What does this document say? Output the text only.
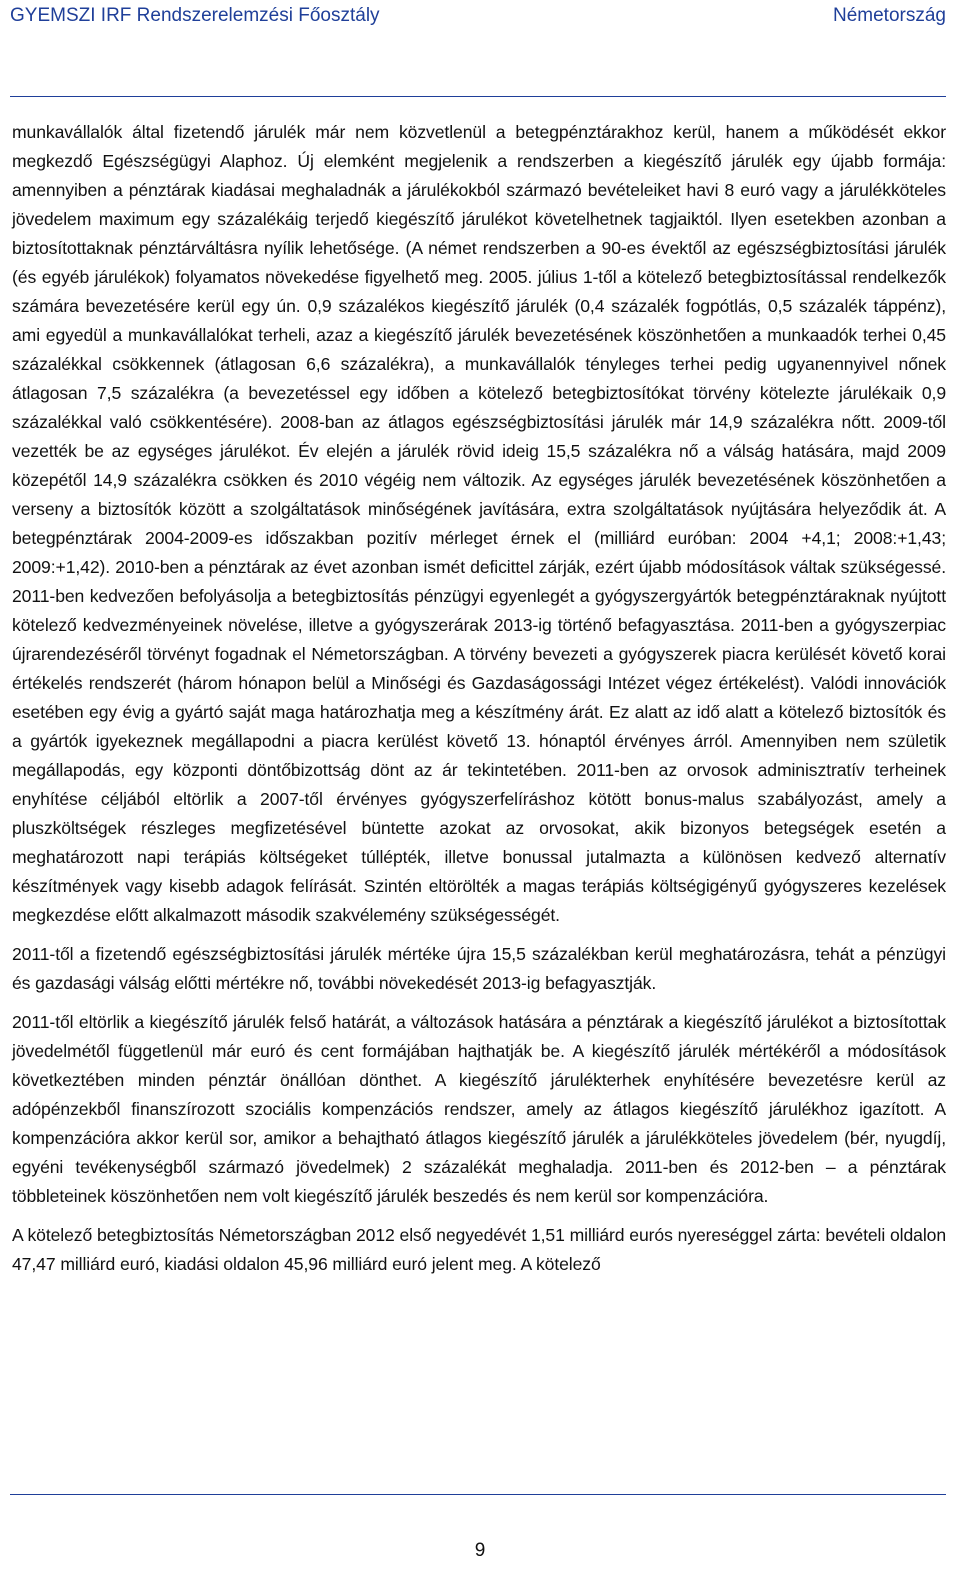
GYEMSZI IRF Rendszerelemzési Főosztály	Németország

munkavállalók által fizetendő járulék már nem közvetlenül a betegpénztárakhoz kerül, hanem a működését ekkor megkezdő Egészségügyi Alaphoz. Új elemként megjelenik a rendszerben a kiegészítő járulék egy újabb formája: amennyiben a pénztárak kiadásai meghaladnák a járulékokból származó bevételeiket havi 8 euró vagy a járulékköteles jövedelem maximum egy százalékáig terjedő kiegészítő járulékot követelhetnek tagjaiktól. Ilyen esetekben azonban a biztosítottaknak pénztárváltásra nyílik lehetősége. (A német rendszerben a 90-es évektől az egészségbiztosítási járulék (és egyéb járulékok) folyamatos növekedése figyelhető meg. 2005. július 1-től a kötelező betegbiztosítással rendelkezők számára bevezetésére kerül egy ún. 0,9 százalékos kiegészítő járulék (0,4 százalék fogpótlás, 0,5 százalék táppénz), ami egyedül a munkavállalókat terheli, azaz a kiegészítő járulék bevezetésének köszönhetően a munkaadók terhei 0,45 százalékkal csökkennek (átlagosan 6,6 százalékra), a munkavállalók tényleges terhei pedig ugyanennyivel nőnek átlagosan 7,5 százalékra (a bevezetéssel egy időben a kötelező betegbiztosítókat törvény kötelezte járulékaik 0,9 százalékkal való csökkentésére). 2008-ban az átlagos egészségbiztosítási járulék már 14,9 százalékra nőtt. 2009-től vezették be az egységes járulékot. Év elején a járulék rövid ideig 15,5 százalékra nő a válság hatására, majd 2009 közepétől 14,9 százalékra csökken és 2010 végéig nem változik. Az egységes járulék bevezetésének köszönhetően a verseny a biztosítók között a szolgáltatások minőségének javítására, extra szolgáltatások nyújtására helyeződik át. A betegpénztárak 2004-2009-es időszakban pozitív mérleget érnek el (milliárd euróban: 2004 +4,1; 2008:+1,43; 2009:+1,42). 2010-ben a pénztárak az évet azonban ismét deficittel zárják, ezért újabb módosítások váltak szükségessé. 2011-ben kedvezően befolyásolja a betegbiztosítás pénzügyi egyenlegét a gyógyszergyártók betegpénztáraknak nyújtott kötelező kedvezményeinek növelése, illetve a gyógyszerárak 2013-ig történő befagyasztása. 2011-ben a gyógyszerpiac újrarendezéséről törvényt fogadnak el Németországban. A törvény bevezeti a gyógyszerek piacra kerülését követő korai értékelés rendszerét (három hónapon belül a Minőségi és Gazdaságossági Intézet végez értékelést). Valódi innovációk esetében egy évig a gyártó saját maga határozhatja meg a készítmény árát. Ez alatt az idő alatt a kötelező biztosítók és a gyártók igyekeznek megállapodni a piacra kerülést követő 13. hónaptól érvényes árról. Amennyiben nem születik megállapodás, egy központi döntőbizottság dönt az ár tekintetében. 2011-ben az orvosok adminisztratív terheinek enyhítése céljából eltörlik a 2007-től érvényes gyógyszerfelíráshoz kötött bonus-malus szabályozást, amely a pluszköltségek részleges megfizetésével büntette azokat az orvosokat, akik bizonyos betegségek esetén a meghatározott napi terápiás költségeket túllépték, illetve bonussal jutalmazta a különösen kedvező alternatív készítmények vagy kisebb adagok felírását. Szintén eltörölték a magas terápiás költségigényű gyógyszeres kezelések megkezdése előtt alkalmazott második szakvélemény szükségességét.

2011-től a fizetendő egészségbiztosítási járulék mértéke újra 15,5 százalékban kerül meghatározásra, tehát a pénzügyi és gazdasági válság előtti mértékre nő, további növekedését 2013-ig befagyasztják.

2011-től eltörlik a kiegészítő járulék felső határát, a változások hatására a pénztárak a kiegészítő járulékot a biztosítottak jövedelmétől függetlenül már euró és cent formájában hajthatják be. A kiegészítő járulék mértékéről a módosítások következtében minden pénztár önállóan dönthet. A kiegészítő járulékterhek enyhítésére bevezetésre kerül az adópénzekből finanszírozott szociális kompenzációs rendszer, amely az átlagos kiegészítő járulékhoz igazított. A kompenzációra akkor kerül sor, amikor a behajtható átlagos kiegészítő járulék a járulékköteles jövedelem (bér, nyugdíj, egyéni tevékenységből származó jövedelmek) 2 százalékát meghaladja. 2011-ben és 2012-ben – a pénztárak többleteinek köszönhetően nem volt kiegészítő járulék beszedés és nem kerül sor kompenzációra.

A kötelező betegbiztosítás Németországban 2012 első negyedévét 1,51 milliárd eurós nyereséggel zárta: bevételi oldalon 47,47 milliárd euró, kiadási oldalon 45,96 milliárd euró jelent meg. A kötelező

9
